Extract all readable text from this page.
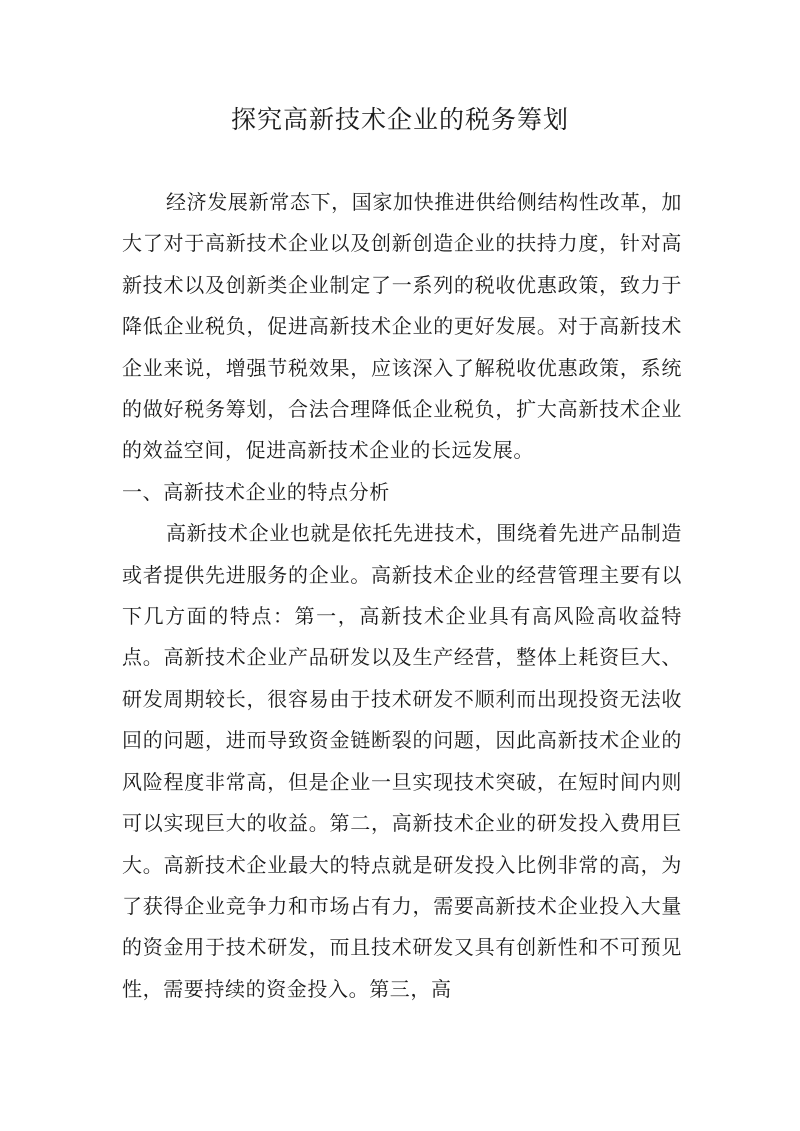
探究高新技术企业的税务筹划

经济发展新常态下，国家加快推进供给侧结构性改革，加大了对于高新技术企业以及创新创造企业的扶持力度，针对高新技术以及创新类企业制定了一系列的税收优惠政策，致力于降低企业税负，促进高新技术企业的更好发展。对于高新技术企业来说，增强节税效果，应该深入了解税收优惠政策，系统的做好税务筹划，合法合理降低企业税负，扩大高新技术企业的效益空间，促进高新技术企业的长远发展。

一、高新技术企业的特点分析

高新技术企业也就是依托先进技术，围绕着先进产品制造或者提供先进服务的企业。高新技术企业的经营管理主要有以下几方面的特点：第一，高新技术企业具有高风险高收益特点。高新技术企业产品研发以及生产经营，整体上耗资巨大、研发周期较长，很容易由于技术研发不顺利而出现投资无法收回的问题，进而导致资金链断裂的问题，因此高新技术企业的风险程度非常高，但是企业一旦实现技术突破，在短时间内则可以实现巨大的收益。第二，高新技术企业的研发投入费用巨大。高新技术企业最大的特点就是研发投入比例非常的高，为了获得企业竞争力和市场占有力，需要高新技术企业投入大量的资金用于技术研发，而且技术研发又具有创新性和不可预见性，需要持续的资金投入。第三，高
